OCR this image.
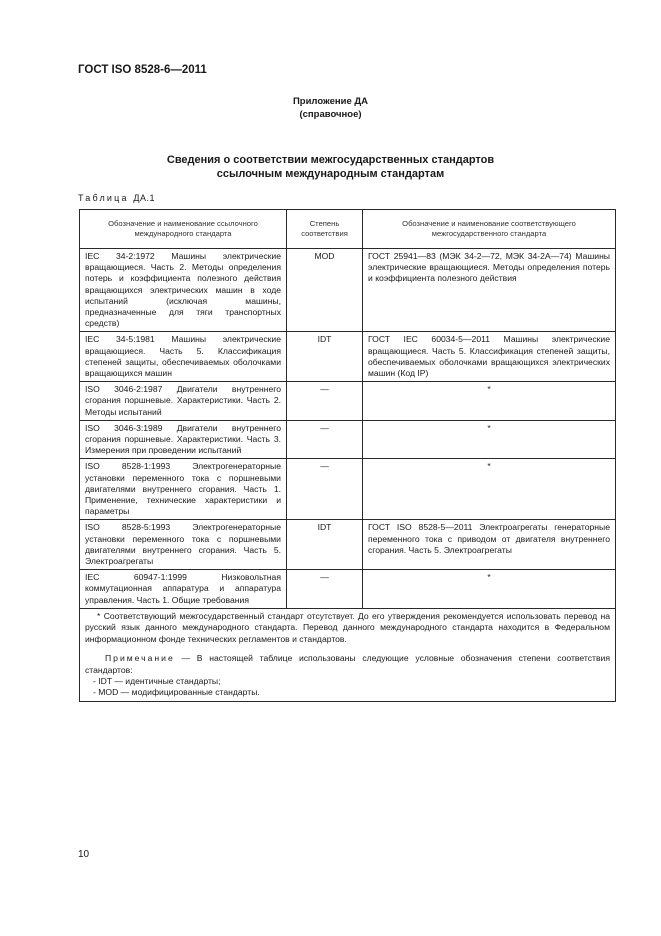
ГОСТ ISO 8528-6—2011
Приложение ДА
(справочное)
Сведения о соответствии межгосударственных стандартов
ссылочным международным стандартам
Таблица ДА.1
Обозначение и наименование ссылочного международного стандарта	Степень соответствия	Обозначение и наименование соответствующего межгосударственного стандарта
IEC 34-2:1972 Машины электрические вращающиеся. Часть 2. Методы определения потерь и коэффициента полезного действия вращающихся электрических машин в ходе испытаний (исключая машины, предназначенные для тяги транспортных средств)	MOD	ГОСТ 25941—83 (МЭК 34-2—72, МЭК 34-2А—74) Машины электрические вращающиеся. Методы определения потерь и коэффициента полезного действия
IEC 34-5:1981 Машины электрические вращающиеся. Часть 5. Классификация степеней защиты, обеспечиваемых оболочками вращающихся машин	IDT	ГОСТ IEC 60034-5—2011 Машины электрические вращающиеся. Часть 5. Классификация степеней защиты, обеспечиваемых оболочками вращающихся электрических машин (Код IP)
ISO 3046-2:1987 Двигатели внутреннего сгорания поршневые. Характеристики. Часть 2. Методы испытаний	—	*
ISO 3046-3:1989 Двигатели внутреннего сгорания поршневые. Характеристики. Часть 3. Измерения при проведении испытаний	—	*
ISO 8528-1:1993 Электрогенераторные установки переменного тока с поршневыми двигателями внутреннего сгорания. Часть 1. Применение, технические характеристики и параметры	—	*
ISO 8528-5:1993 Электрогенераторные установки переменного тока с поршневыми двигателями внутреннего сгорания. Часть 5. Электроагрегаты	IDT	ГОСТ ISO 8528-5—2011 Электроагрегаты генераторные переменного тока с приводом от двигателя внутреннего сгорания. Часть 5. Электроагрегаты
IEC 60947-1:1999 Низковольтная коммутационная аппаратура и аппаратура управления. Часть 1. Общие требования	—	*

* Соответствующий межгосударственный стандарт отсутствует. До его утверждения рекомендуется использовать перевод на русский язык данного международного стандарта. Перевод данного международного стандарта находится в Федеральном информационном фонде технических регламентов и стандартов.

Примечание — В настоящей таблице использованы следующие условные обозначения степени соответствия стандартов:

- IDT — идентичные стандарты;

- MOD — модифицированные стандарты.		

10
